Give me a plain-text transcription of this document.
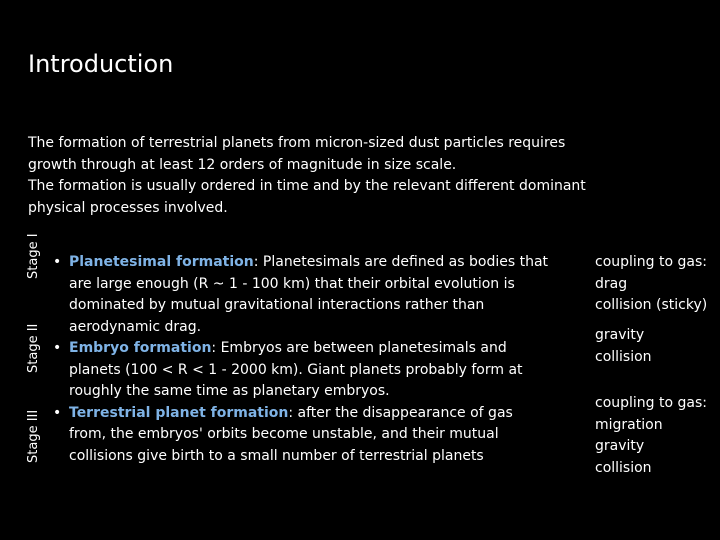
Introduction

The formation of terrestrial planets from micron-sized dust particles requires

growth through at least 12 orders of magnitude in size scale.

The formation is usually ordered in time and by the relevant different dominant

physical processes involved.

Stage I
Stage II
Stage III
• Planetesimal formation: Planetesimals are defined as bodies that are large enough (R ~ 1 - 100 km) that their orbital evolution is dominated by mutual gravitational interactions rather than aerodynamic drag.
• Embryo formation: Embryos are between planetesimals and planets (100 < R < 1 - 2000 km). Giant planets probably form at roughly the same time as planetary embryos.
• Terrestrial planet formation: after the disappearance of gas from, the embryos' orbits become unstable, and their mutual collisions give birth to a small number of terrestrial planets
coupling to gas:
drag
collision (sticky)
gravity
collision
coupling to gas:
migration
gravity
collision
